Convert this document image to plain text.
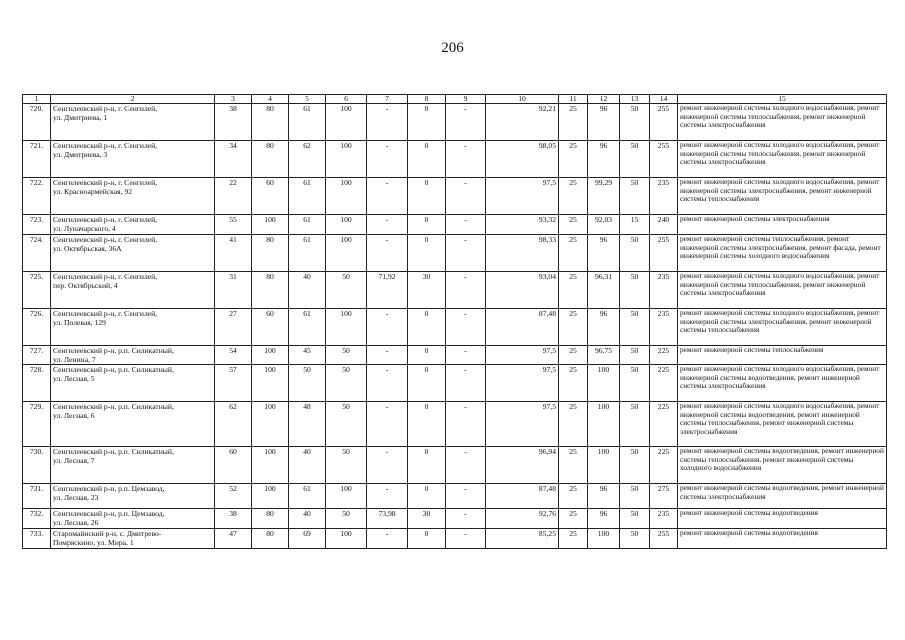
206
1	2	3	4	5	6	7	8	9	10	11	12	13	14	15
720.	Сенгилеевский р-н, г. Сенгилей,
ул. Дмитриева, 1	38	80	61	100	-	0	-	92,21	25	96	50	255	ремонт инженерной системы холодного водоснабжения, ремонт инженерной системы теплоснабжения, ремонт инженерной системы электроснабжения
721.	Сенгилеевский р-н, г. Сенгилей,
ул. Дмитриева, 3	34	80	62	100	-	0	-	98,05	25	96	50	255	ремонт инженерной системы холодного водоснабжения, ремонт инженерной системы теплоснабжения, ремонт инженерной системы электроснабжения
722.	Сенгилеевский р-н, г. Сенгилей,
ул. Красноармейская, 92	22	60	61	100	-	0	-	97,5	25	99,29	50	235	ремонт инженерной системы холодного водоснабжения, ремонт инженерной системы электроснабжения, ремонт инженерной системы теплоснабжения
723.	Сенгилеевский р-н, г. Сенгилей,
ул. Луначарского, 4	55	100	61	100	-	0	-	93,32	25	92,03	15	240	ремонт инженерной системы электроснабжения
724.	Сенгилеевский р-н, г. Сенгилей,
ул. Октябрьская, 36А	41	80	61	100	-	0	-	98,33	25	96	50	255	ремонт инженерной системы теплоснабжения, ремонт инженерной системы электроснабжения, ремонт фасада, ремонт инженерной системы холодного водоснабжения
725.	Сенгилеевский р-н, г. Сенгилей,
пер. Октябрьский, 4	31	80	40	50	71,92	30	-	93,04	25	96,31	50	235	ремонт инженерной системы холодного водоснабжения, ремонт инженерной системы теплоснабжения, ремонт инженерной системы электроснабжения
726.	Сенгилеевский р-н, г. Сенгилей,
ул. Полевая, 129	27	60	61	100	-	0	-	87,48	25	96	50	235	ремонт инженерной системы холодного водоснабжения, ремонт инженерной системы электроснабжения, ремонт инженерной системы теплоснабжения
727.	Сенгилеевский р-н, р.п. Силикатный,
ул. Ленина, 7	54	100	45	50	-	0	-	97,5	25	96,75	50	225	ремонт инженерной системы теплоснабжения
728.	Сенгилеевский р-н, р.п. Силикатный,
ул. Лесная, 5	57	100	50	50	-	0	-	97,5	25	100	50	225	ремонт инженерной системы холодного водоснабжения, ремонт инженерной системы водоотведения, ремонт инженерной системы электроснабжения
729.	Сенгилеевский р-н, р.п. Силикатный,
ул. Лесная, 6	62	100	48	50	-	0	-	97,5	25	100	50	225	ремонт инженерной системы холодного водоснабжения, ремонт инженерной системы водоотведения, ремонт инженерной системы теплоснабжения, ремонт инженерной системы электроснабжения
730.	Сенгилеевский р-н, р.п. Силикатный,
ул. Лесная, 7	60	100	40	50	-	0	-	96,94	25	100	50	225	ремонт инженерной системы водоотведения, ремонт инженерной системы теплоснабжения, ремонт инженерной системы холодного водоснабжения
731.	Сенгилеевский р-н, р.п. Цемзавод,
ул. Лесная, 23	52	100	61	100	-	0	-	87,48	25	96	50	275	ремонт инженерной системы водоотведения, ремонт инженерной системы электроснабжения
732.	Сенгилеевский р-н, р.п. Цемзавод,
ул. Лесная, 26	38	80	40	50	73,98	30	-	92,76	25	96	50	235	ремонт инженерной системы водоотведения
733.	Старомайнский р-н, с. Дмитрево-
Помряскино, ул. Мира, 1	47	80	69	100	-	0	-	85,25	25	100	50	255	ремонт инженерной системы водоотведения
